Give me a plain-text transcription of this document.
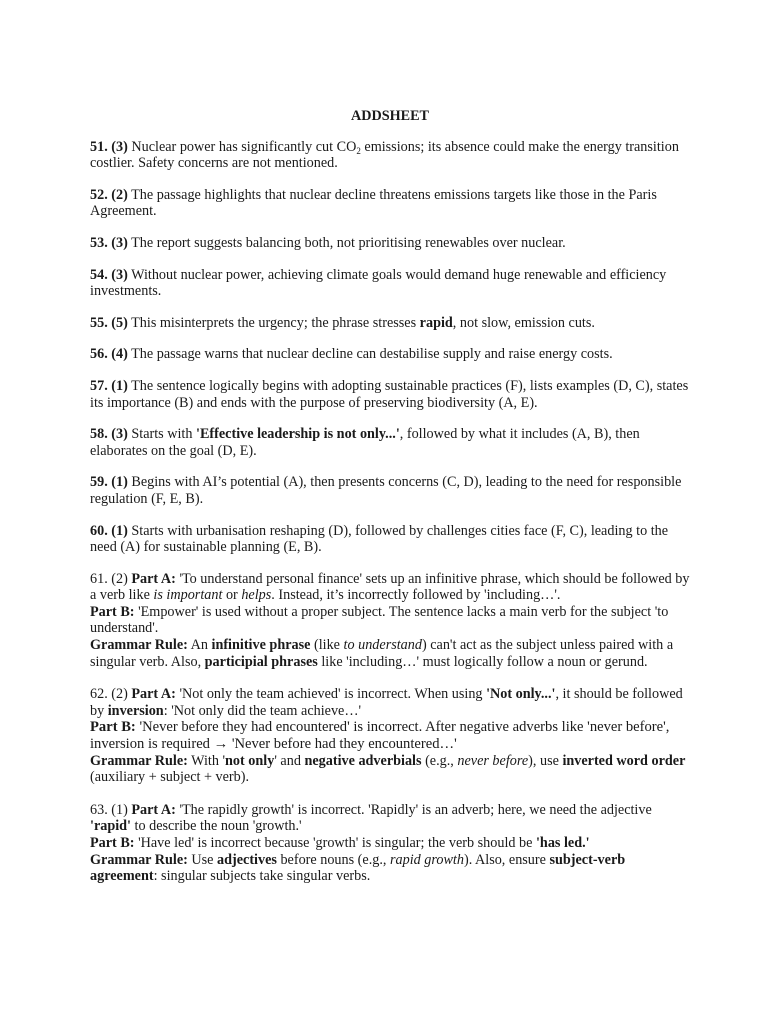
ADDSHEET

51. (3) Nuclear power has significantly cut $CO_2$ emissions; its absence could make the energy transition costlier. Safety concerns are not mentioned.

52. (2) The passage highlights that nuclear decline threatens emissions targets like those in the Paris Agreement.

53. (3) The report suggests balancing both, not prioritising renewables over nuclear.

54. (3) Without nuclear power, achieving climate goals would demand huge renewable and efficiency investments.

55. (5) This misinterprets the urgency; the phrase stresses rapid, not slow, emission cuts.

56. (4) The passage warns that nuclear decline can destabilise supply and raise energy costs.

57. (1) The sentence logically begins with adopting sustainable practices (F), lists examples (D, C), states its importance (B) and ends with the purpose of preserving biodiversity (A, E).

58. (3) Starts with 'Effective leadership is not only...', followed by what it includes (A, B), then elaborates on the goal (D, E).

59. (1) Begins with AI’s potential (A), then presents concerns (C, D), leading to the need for responsible regulation (F, E, B).

60. (1) Starts with urbanisation reshaping (D), followed by challenges cities face (F, C), leading to the need (A) for sustainable planning (E, B).

61. (2) Part A: 'To understand personal finance' sets up an infinitive phrase, which should be followed by a verb like is important or helps. Instead, it’s incorrectly followed by 'including…'.

Part B: 'Empower' is used without a proper subject. The sentence lacks a main verb for the subject 'to understand'.

Grammar Rule: An infinitive phrase (like to understand) can't act as the subject unless paired with a singular verb. Also, participial phrases like 'including…' must logically follow a noun or gerund.

62. (2) Part A: 'Not only the team achieved' is incorrect. When using 'Not only...', it should be followed by inversion: 'Not only did the team achieve…'

Part B: 'Never before they had encountered' is incorrect. After negative adverbs like 'never before', inversion is required → 'Never before had they encountered…'

Grammar Rule: With 'not only' and negative adverbials (e.g., never before), use inverted word order (auxiliary + subject + verb).

63. (1) Part A: 'The rapidly growth' is incorrect. 'Rapidly' is an adverb; here, we need the adjective 'rapid' to describe the noun 'growth.'

Part B: 'Have led' is incorrect because 'growth' is singular; the verb should be 'has led.'

Grammar Rule: Use adjectives before nouns (e.g., rapid growth). Also, ensure subject-verb agreement: singular subjects take singular verbs.
